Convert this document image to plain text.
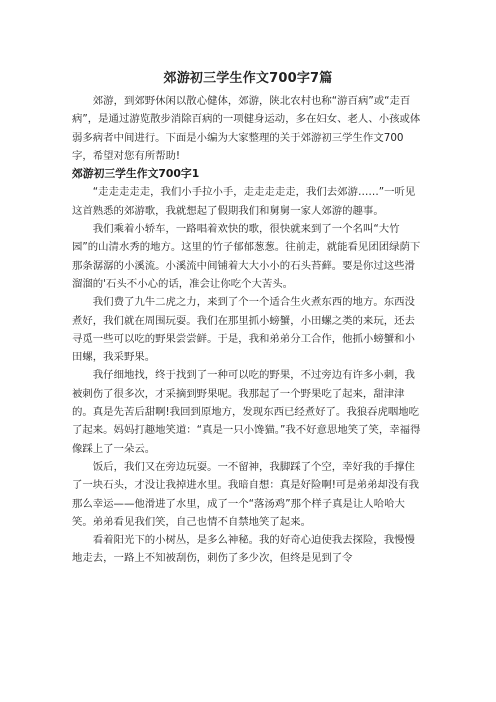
郊游初三学生作文700字7篇

郊游，到郊野休闲以散心健体，郊游，陕北农村也称“游百病”或“走百病”，是通过游览散步消除百病的一项健身运动，多在妇女、老人、小孩或体弱多病者中间进行。下面是小编为大家整理的关于郊游初三学生作文700字，希望对您有所帮助!

郊游初三学生作文700字1

“走走走走走，我们小手拉小手，走走走走走，我们去郊游……”一听见这首熟悉的郊游歌，我就想起了假期我们和舅舅一家人郊游的趣事。

我们乘着小轿车，一路唱着欢快的歌，很快就来到了一个名叫“大竹园”的山清水秀的地方。这里的竹子郁郁葱葱。往前走，就能看见团团绿荫下那条潺潺的小溪流。小溪流中间铺着大大小小的石头苔藓。要是你过这些滑溜溜的'石头不小心的话，准会让你吃个大苦头。

我们费了九牛二虎之力，来到了个一个适合生火煮东西的地方。东西没煮好，我们就在周围玩耍。我们在那里抓小螃蟹，小田螺之类的来玩，还去寻觅一些可以吃的野果尝尝鲜。于是，我和弟弟分工合作，他抓小螃蟹和小田螺，我采野果。

我仔细地找，终于找到了一种可以吃的野果，不过旁边有许多小刺，我被刺伤了很多次，才采摘到野果呢。我那起了一个野果吃了起来，甜津津的。真是先苦后甜啊!我回到原地方，发现东西已经煮好了。我狼吞虎咽地吃了起来。妈妈打趣地笑道：“真是一只小馋猫。”我不好意思地笑了笑，幸福得像踩上了一朵云。

饭后，我们又在旁边玩耍。一不留神，我脚踩了个空，幸好我的手撑住了一块石头，才没让我掉进水里。我暗自想：真是好险啊!可是弟弟却没有我那么幸运——他滑进了水里，成了一个“落汤鸡”那个样子真是让人哈哈大笑。弟弟看见我们笑，自己也情不自禁地笑了起来。

看着阳光下的小树丛，是多么神秘。我的好奇心迫使我去探险，我慢慢地走去，一路上不知被刮伤，刺伤了多少次，但终是见到了令
